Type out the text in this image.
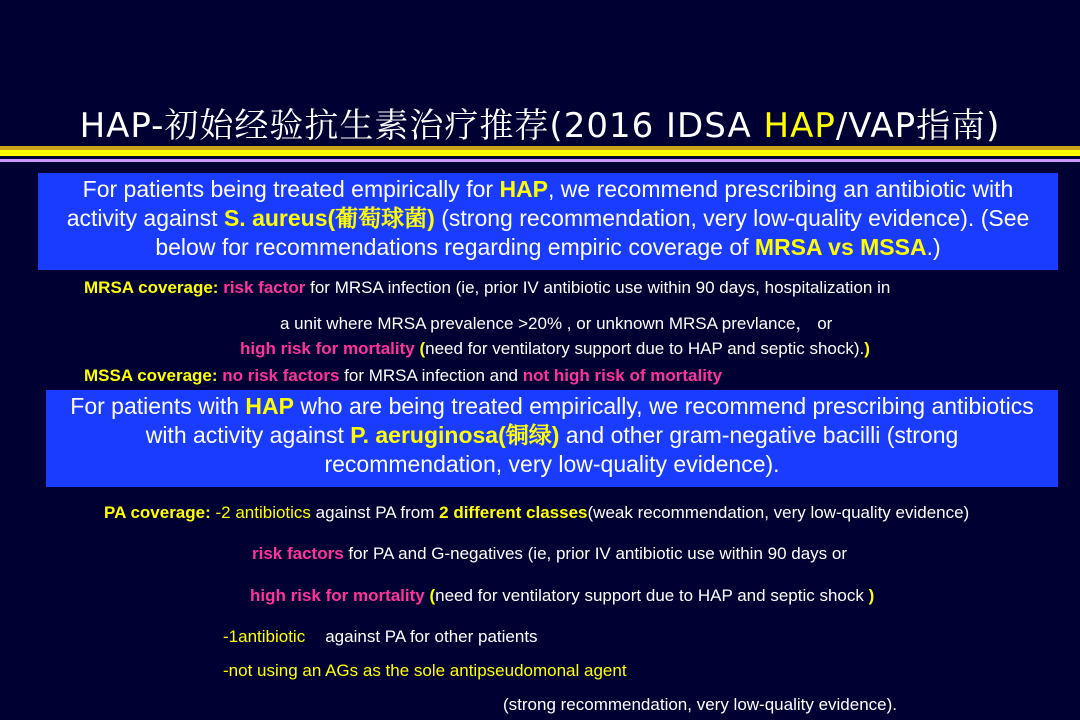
HAP-初始经验抗生素治疗推荐(2016 IDSA HAP/VAP指南)
For patients being treated empirically for HAP, we recommend prescribing an antibiotic with activity against S. aureus(葡萄球菌) (strong recommendation, very low-quality evidence). (See below for recommendations regarding empiric coverage of MRSA vs MSSA.)
MRSA coverage: risk factor for MRSA infection (ie, prior IV antibiotic use within 90 days, hospitalization in
a unit where MRSA prevalence >20% , or unknown MRSA prevlance， or
high risk for mortality (need for ventilatory support due to HAP and septic shock).)
MSSA coverage: no risk factors for MRSA infection and not high risk of mortality
For patients with HAP who are being treated empirically, we recommend prescribing antibiotics with activity against P. aeruginosa(铜绿) and other gram-negative bacilli (strong recommendation, very low-quality evidence).
PA coverage: -2 antibiotics against PA from 2 different classes(weak recommendation, very low-quality evidence)
risk factors for PA and G-negatives (ie, prior IV antibiotic use within 90 days or
high risk for mortality (need for ventilatory support due to HAP and septic shock )
-1antibiotic against PA for other patients
-not using an AGs as the sole antipseudomonal agent
(strong recommendation, very low-quality evidence).
